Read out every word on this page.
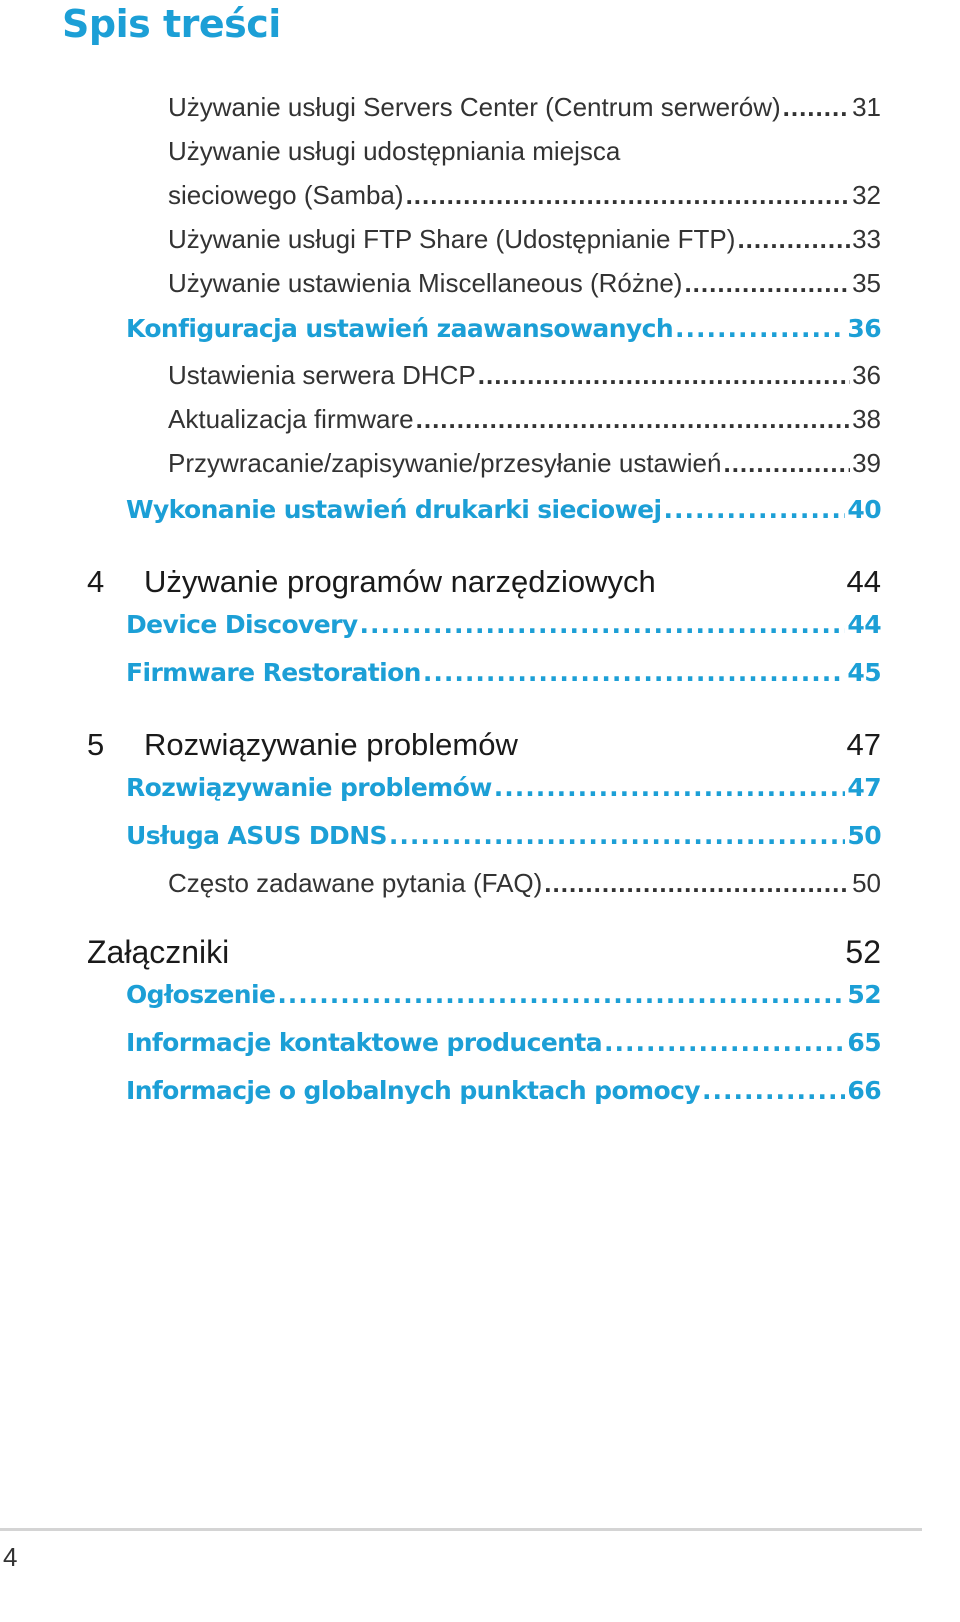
Spis treści
Używanie usługi Servers Center (Centrum serwerów) .....	31
Używanie usługi udostępniania miejsca
sieciowego (Samba) .....	32
Używanie usługi FTP Share (Udostępnianie FTP) .....	33
Używanie ustawienia Miscellaneous (Różne) .....	35
Konfiguracja ustawień zaawansowanych .....	36
Ustawienia serwera DHCP .....	36
Aktualizacja firmware .....	38
Przywracanie/zapisywanie/przesyłanie ustawień .....	39
Wykonanie ustawień drukarki sieciowej .....	40
4	Używanie programów narzędziowych	44
Device Discovery .....	44
Firmware Restoration .....	45
5	Rozwiązywanie problemów	47
Rozwiązywanie problemów .....	47
Usługa ASUS DDNS .....	50
Często zadawane pytania (FAQ) .....	50
Załączniki	52
Ogłoszenie .....	52
Informacje kontaktowe producenta .....	65
Informacje o globalnych punktach pomocy .....	66
4
